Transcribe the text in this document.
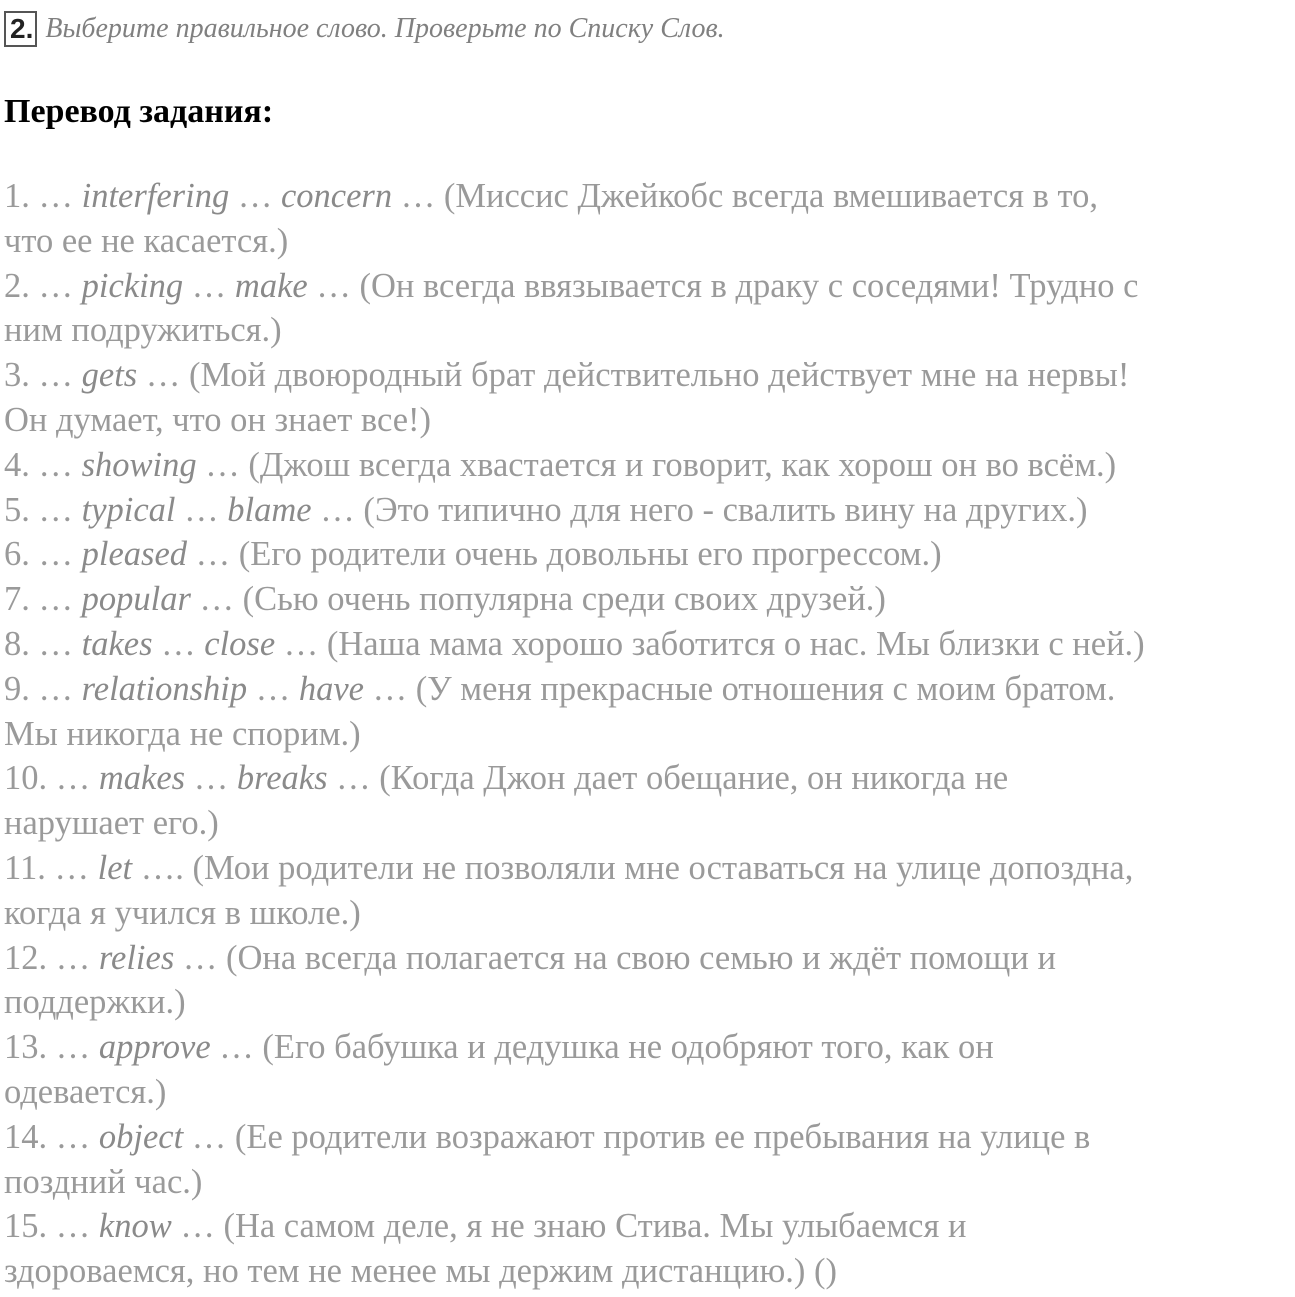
2. Выберите правильное слово. Проверьте по Списку Слов.
Перевод задания:
1. … interfering … concern … (Миссис Джейкобс всегда вмешивается в то,
что ее не касается.)
2. … picking … make … (Он всегда ввязывается в драку с соседями! Трудно с
ним подружиться.)
3. … gets … (Мой двоюродный брат действительно действует мне на нервы!
Он думает, что он знает все!)
4. … showing … (Джош всегда хвастается и говорит, как хорош он во всём.)
5. … typical … blame … (Это типично для него - свалить вину на других.)
6. … pleased … (Его родители очень довольны его прогрессом.)
7. … popular … (Сью очень популярна среди своих друзей.)
8. … takes … close … (Наша мама хорошо заботится о нас. Мы близки с ней.)
9. … relationship … have … (У меня прекрасные отношения с моим братом.
Мы никогда не спорим.)
10. … makes … breaks … (Когда Джон дает обещание, он никогда не
нарушает его.)
11. … let …. (Мои родители не позволяли мне оставаться на улице допоздна,
когда я учился в школе.)
12. … relies … (Она всегда полагается на свою семью и ждёт помощи и
поддержки.)
13. … approve … (Его бабушка и дедушка не одобряют того, как он
одевается.)
14. … object … (Ее родители возражают против ее пребывания на улице в
поздний час.)
15. … know … (На самом деле, я не знаю Стива. Мы улыбаемся и
здороваемся, но тем не менее мы держим дистанцию.) ()
